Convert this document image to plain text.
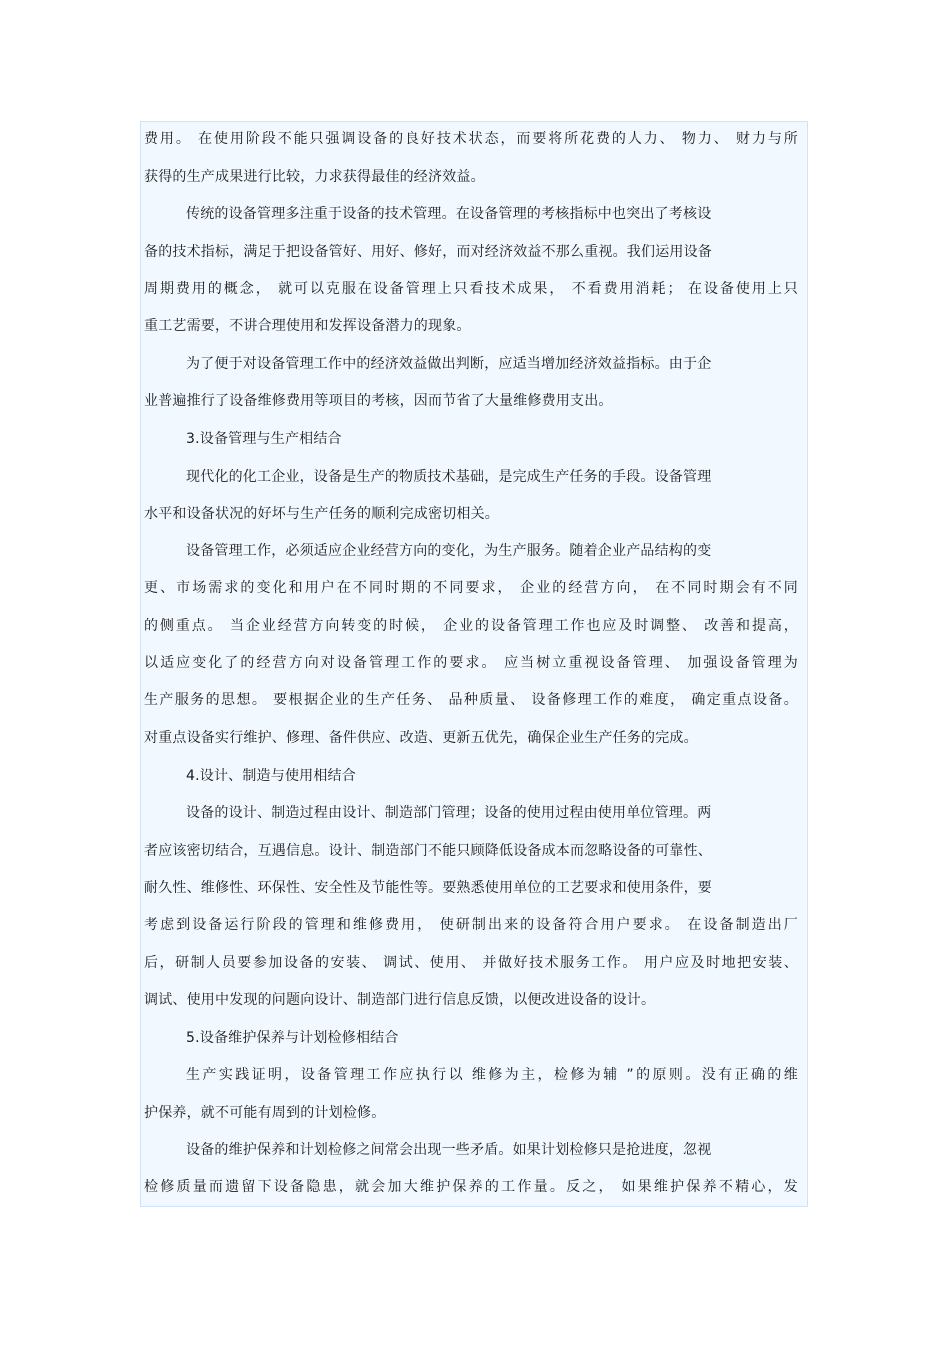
费用。 在使用阶段不能只强调设备的良好技术状态，而要将所花费的人力、 物力、 财力与所
获得的生产成果进行比较，力求获得最佳的经济效益。
传统的设备管理多注重于设备的技术管理。在设备管理的考核指标中也突出了考核设
备的技术指标，满足于把设备管好、用好、修好，而对经济效益不那么重视。我们运用设备
周期费用的概念， 就可以克服在设备管理上只看技术成果， 不看费用消耗； 在设备使用上只
重工艺需要，不讲合理使用和发挥设备潜力的现象。
为了便于对设备管理工作中的经济效益做出判断，应适当增加经济效益指标。由于企
业普遍推行了设备维修费用等项目的考核，因而节省了大量维修费用支出。
3.设备管理与生产相结合
现代化的化工企业，设备是生产的物质技术基础，是完成生产任务的手段。设备管理
水平和设备状况的好坏与生产任务的顺利完成密切相关。
设备管理工作，必须适应企业经营方向的变化，为生产服务。随着企业产品结构的变
更、市场需求的变化和用户在不同时期的不同要求， 企业的经营方向， 在不同时期会有不同
的侧重点。 当企业经营方向转变的时候， 企业的设备管理工作也应及时调整、 改善和提高，
以适应变化了的经营方向对设备管理工作的要求。 应当树立重视设备管理、 加强设备管理为
生产服务的思想。 要根据企业的生产任务、 品种质量、 设备修理工作的难度， 确定重点设备。
对重点设备实行维护、修理、备件供应、改造、更新五优先，确保企业生产任务的完成。
4.设计、制造与使用相结合
设备的设计、制造过程由设计、制造部门管理；设备的使用过程由使用单位管理。两
者应该密切结合，互遇信息。设计、制造部门不能只顾降低设备成本而忽略设备的可靠性、
耐久性、维修性、环保性、安全性及节能性等。要熟悉使用单位的工艺要求和使用条件，要
考虑到设备运行阶段的管理和维修费用， 使研制出来的设备符合用户要求。 在设备制造出厂
后，研制人员要参加设备的安装、 调试、使用、 并做好技术服务工作。 用户应及时地把安装、
调试、使用中发现的问题向设计、制造部门进行信息反馈，以便改进设备的设计。
5.设备维护保养与计划检修相结合
生产实践证明，设备管理工作应执行以 维修为主，检修为辅 ”的原则。没有正确的维
护保养，就不可能有周到的计划检修。
设备的维护保养和计划检修之间常会出现一些矛盾。如果计划检修只是抢进度，忽视
检修质量而遗留下设备隐患，就会加大维护保养的工作量。反之， 如果维护保养不精心，发
